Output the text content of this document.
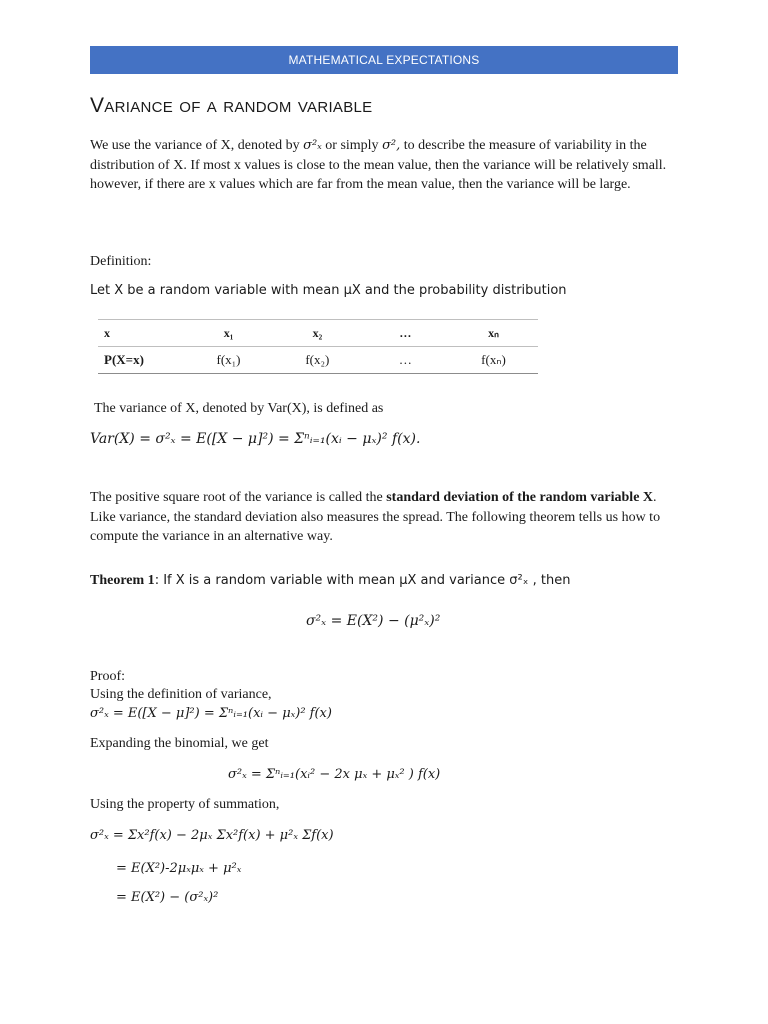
MATHEMATICAL EXPECTATIONS
Variance of a random variable

We use the variance of X, denoted by σ²ₓ or simply σ², to describe the measure of variability in the distribution of X. If most x values is close to the mean value, then the variance will be relatively small. however, if there are x values which are far from the mean value, then the variance will be large.

Definition:

Let X be a random variable with mean μX and the probability distribution

x	x₁	x₂	…	xₙ
P(X=x)	f(x₁)	f(x₂)	…	f(xₙ)

The variance of X, denoted by Var(X), is defined as

Var(X) = σ²ₓ = E([X − μ]²) = Σⁿᵢ₌₁(xᵢ − μₓ)² f(x).

The positive square root of the variance is called the standard deviation of the random variable X. Like variance, the standard deviation also measures the spread. The following theorem tells us how to compute the variance in an alternative way.

Theorem 1: If X is a random variable with mean μX and variance σ²ₓ , then

σ²ₓ = E(X²) − (μ²ₓ)²

Proof:

Using the definition of variance,

σ²ₓ = E([X − μ]²) = Σⁿᵢ₌₁(xᵢ − μₓ)² f(x)

Expanding the binomial, we get

σ²ₓ = Σⁿᵢ₌₁(xᵢ² − 2x μₓ + μₓ² ) f(x)

Using the property of summation,

σ²ₓ = Σx²f(x) − 2μₓ Σx²f(x) + μ²ₓ Σf(x)

= E(X²)-2μₓμₓ + μ²ₓ

= E(X²) − (σ²ₓ)²
